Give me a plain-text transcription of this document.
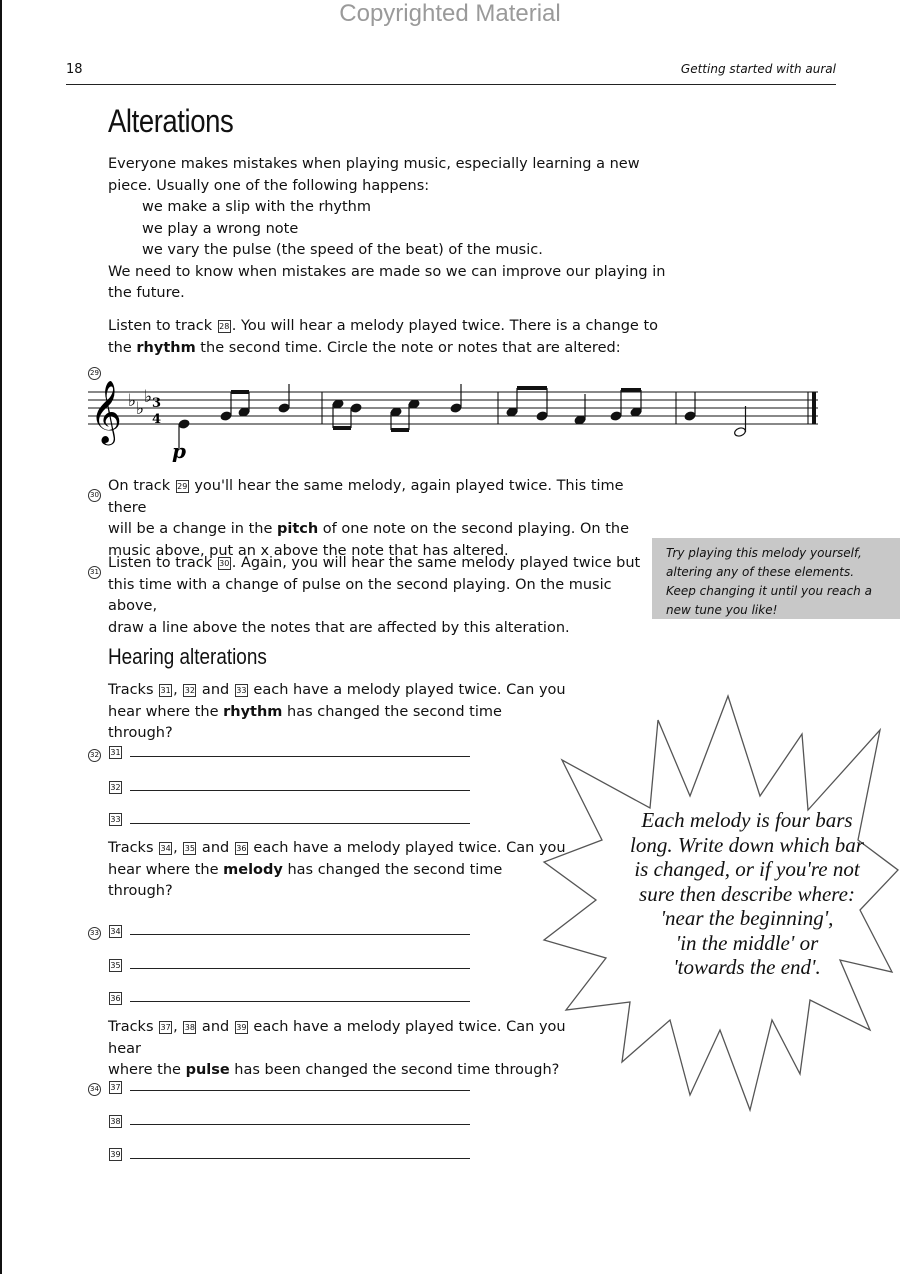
Copyrighted Material
18	Getting started with aural
Alterations
Everyone makes mistakes when playing music, especially learning a new
piece. Usually one of the following happens:
we make a slip with the rhythm
we play a wrong note
we vary the pulse (the speed of the beat) of the music.
We need to know when mistakes are made so we can improve our playing in
the future.
Listen to track 28 . You will hear a melody played twice. There is a change to
the rhythm the second time. Circle the note or notes that are altered:
29
𝄞 ♭ ♭
♭ 3
4
p
30
On track 29 you'll hear the same melody, again played twice. This time there
will be a change in the pitch of one note on the second playing. On the
music above, put an x above the note that has altered.
31
Listen to track 30 . Again, you will hear the same melody played twice but
this time with a change of pulse on the second playing. On the music above,
draw a line above the notes that are affected by this alteration.
Try playing this melody yourself,
altering any of these elements.
Keep changing it until you reach a
new tune you like!
Hearing alterations
Tracks 31 , 32 and 33 each have a melody played twice. Can you
hear where the rhythm has changed the second time through?
32	31
32
33
Tracks 34 , 35 and 36 each have a melody played twice. Can you
hear where the melody has changed the second time
through?
33	34
35
36
Tracks 37 , 38 and 39 each have a melody played twice. Can you hear
where the pulse has been changed the second time through?
34	37
38
39
Each melody is four bars
long. Write down which bar
is changed, or if you're not
sure then describe where:
'near the beginning',
'in the middle' or
'towards the end'.
